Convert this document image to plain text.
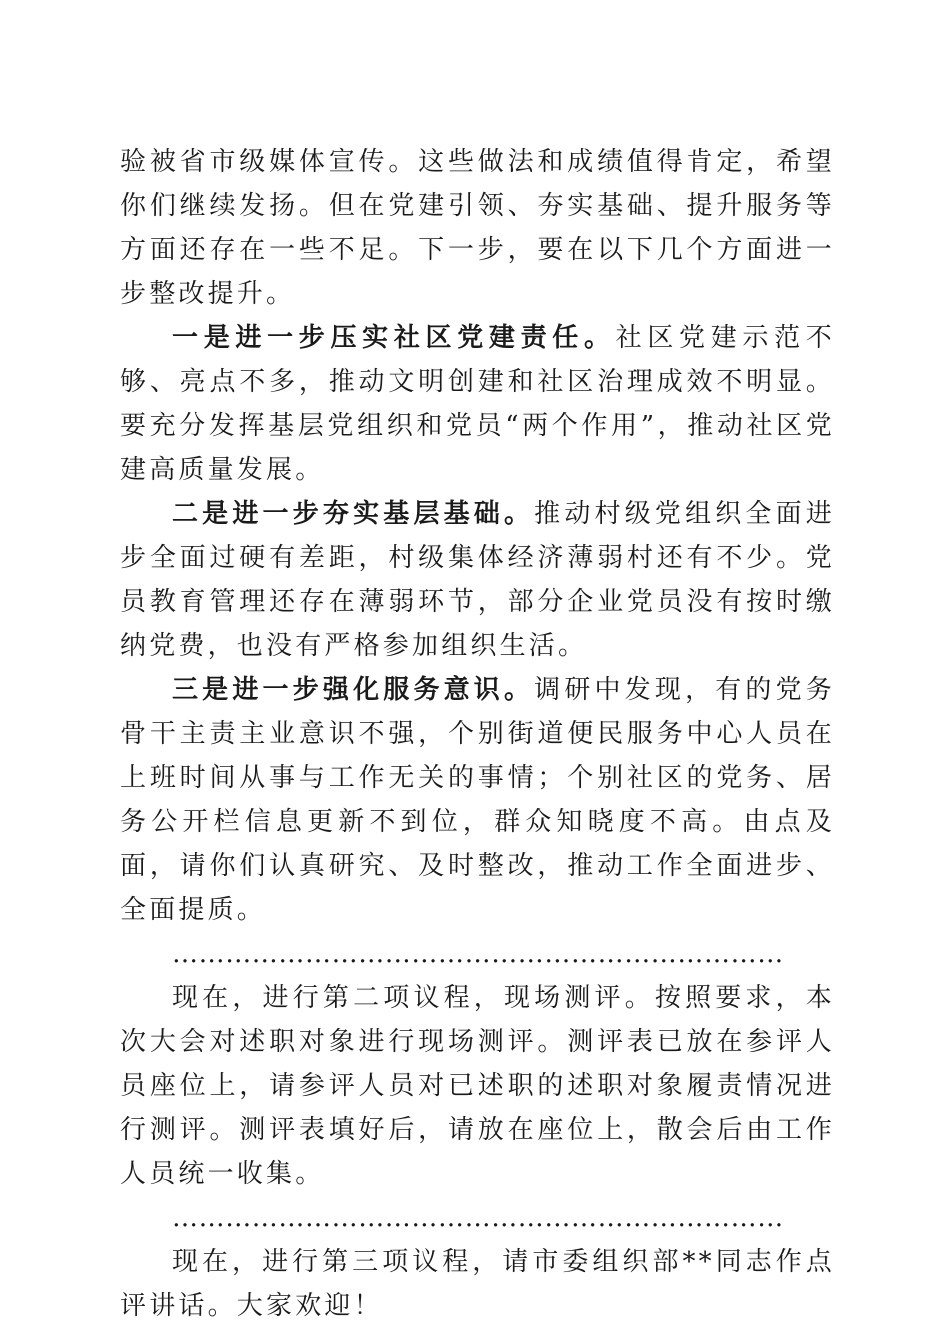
验被省市级媒体宣传。这些做法和成绩值得肯定，希望你们继续发扬。但在党建引领、夯实基础、提升服务等方面还存在一些不足。下一步，要在以下几个方面进一步整改提升。

一是进一步压实社区党建责任。社区党建示范不够、亮点不多，推动文明创建和社区治理成效不明显。要充分发挥基层党组织和党员“两个作用”，推动社区党建高质量发展。

二是进一步夯实基层基础。推动村级党组织全面进步全面过硬有差距，村级集体经济薄弱村还有不少。党员教育管理还存在薄弱环节，部分企业党员没有按时缴纳党费，也没有严格参加组织生活。

三是进一步强化服务意识。调研中发现，有的党务骨干主责主业意识不强，个别街道便民服务中心人员在上班时间从事与工作无关的事情；个别社区的党务、居务公开栏信息更新不到位，群众知晓度不高。由点及面，请你们认真研究、及时整改，推动工作全面进步、全面提质。

……………………………………………………………

现在，进行第二项议程，现场测评。按照要求，本次大会对述职对象进行现场测评。测评表已放在参评人员座位上，请参评人员对已述职的述职对象履责情况进行测评。测评表填好后，请放在座位上，散会后由工作人员统一收集。

……………………………………………………………

现在，进行第三项议程，请市委组织部**同志作点评讲话。大家欢迎！
